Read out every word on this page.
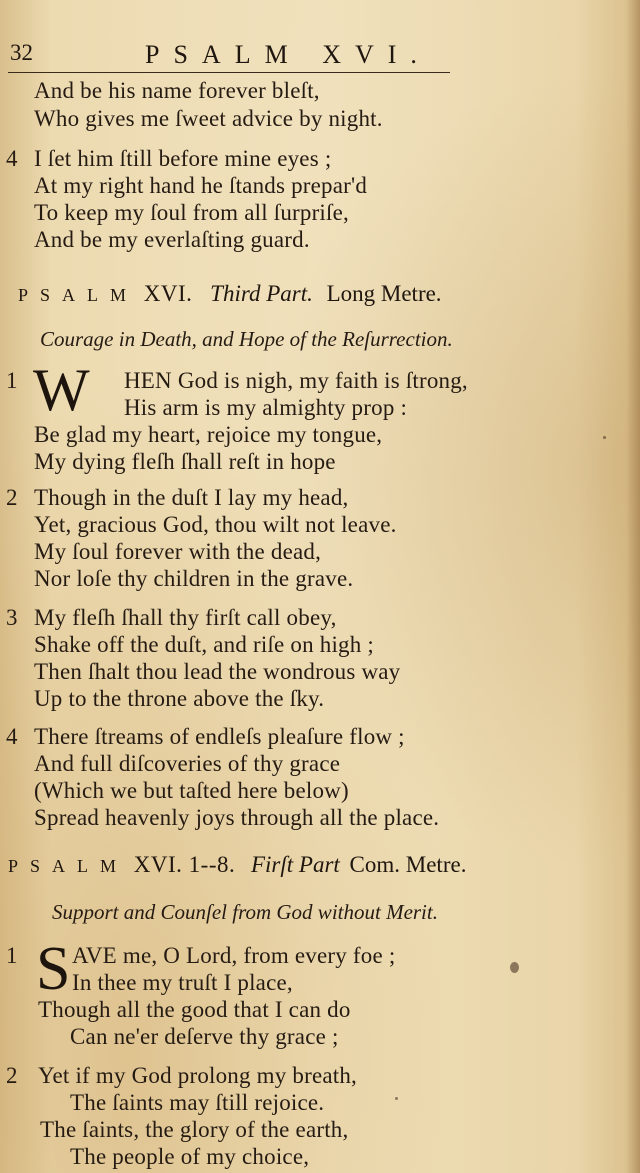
32	PSALM XVI.
And be his name forever bleſt,
Who gives me ſweet advice by night.
4 I ſet him ſtill before mine eyes ;
At my right hand he ſtands prepar'd
To keep my ſoul from all ſurpriſe,
And be my everlaſting guard.
PSALM XVI. Third Part. Long Metre.
Courage in Death, and Hope of the Reſurrection.
1 W HEN God is nigh, my faith is ſtrong,
His arm is my almighty prop :
Be glad my heart, rejoice my tongue,
My dying fleſh ſhall reſt in hope
2 Though in the duſt I lay my head,
Yet, gracious God, thou wilt not leave.
My ſoul forever with the dead,
Nor loſe thy children in the grave.
3 My fleſh ſhall thy firſt call obey,
Shake off the duſt, and riſe on high ;
Then ſhalt thou lead the wondrous way
Up to the throne above the ſky.
4 There ſtreams of endleſs pleaſure flow ;
And full diſcoveries of thy grace
(Which we but taſted here below)
Spread heavenly joys through all the place.
PSALM XVI. 1--8. Firſt Part Com. Metre.
Support and Counſel from God without Merit.
1 S AVE me, O Lord, from every foe ;
In thee my truſt I place,
Though all the good that I can do
Can ne'er deſerve thy grace ;
2 Yet if my God prolong my breath,
The ſaints may ſtill rejoice.
The ſaints, the glory of the earth,
The people of my choice,
